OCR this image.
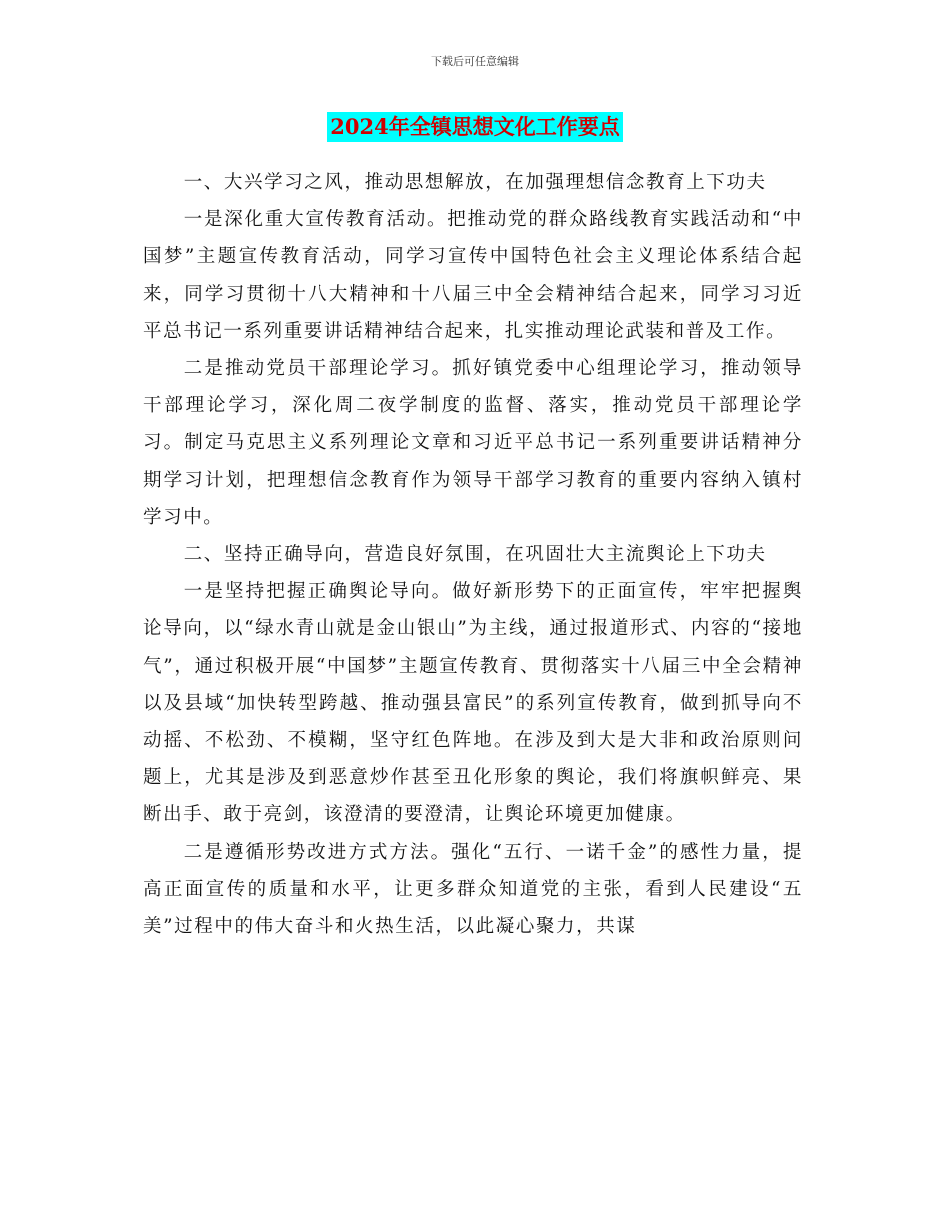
下载后可任意编辑
2024年全镇思想文化工作要点

一、大兴学习之风，推动思想解放，在加强理想信念教育上下功夫

一是深化重大宣传教育活动。把推动党的群众路线教育实践活动和“中国梦”主题宣传教育活动，同学习宣传中国特色社会主义理论体系结合起来，同学习贯彻十八大精神和十八届三中全会精神结合起来，同学习习近平总书记一系列重要讲话精神结合起来，扎实推动理论武装和普及工作。

二是推动党员干部理论学习。抓好镇党委中心组理论学习，推动领导干部理论学习，深化周二夜学制度的监督、落实，推动党员干部理论学习。制定马克思主义系列理论文章和习近平总书记一系列重要讲话精神分期学习计划，把理想信念教育作为领导干部学习教育的重要内容纳入镇村学习中。

二、坚持正确导向，营造良好氛围，在巩固壮大主流舆论上下功夫

一是坚持把握正确舆论导向。做好新形势下的正面宣传，牢牢把握舆论导向，以“绿水青山就是金山银山”为主线，通过报道形式、内容的“接地气”，通过积极开展“中国梦”主题宣传教育、贯彻落实十八届三中全会精神以及县域“加快转型跨越、推动强县富民”的系列宣传教育，做到抓导向不动摇、不松劲、不模糊，坚守红色阵地。在涉及到大是大非和政治原则问题上，尤其是涉及到恶意炒作甚至丑化形象的舆论，我们将旗帜鲜亮、果断出手、敢于亮剑，该澄清的要澄清，让舆论环境更加健康。

二是遵循形势改进方式方法。强化“五行、一诺千金”的感性力量，提高正面宣传的质量和水平，让更多群众知道党的主张，看到人民建设“五美”过程中的伟大奋斗和火热生活，以此凝心聚力，共谋
